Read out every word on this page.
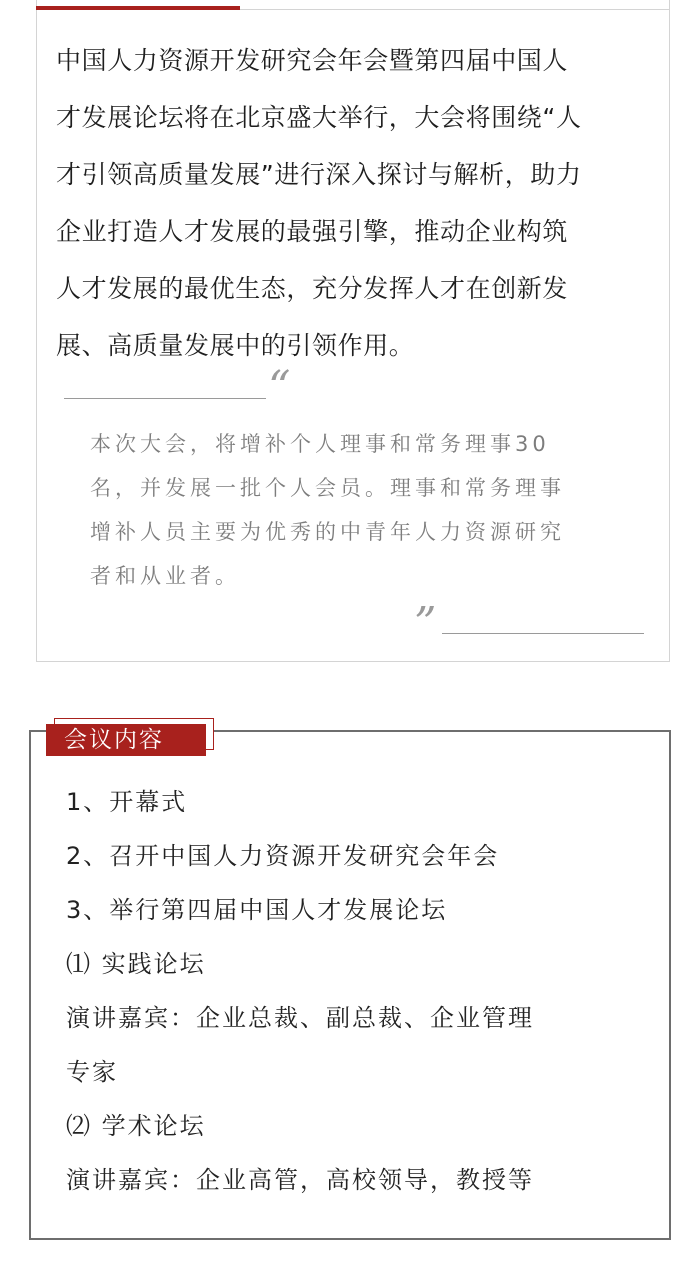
中国人力资源开发研究会年会暨第四届中国人
才发展论坛将在北京盛大举行，大会将围绕“人
才引领高质量发展”进行深入探讨与解析，助力
企业打造人才发展的最强引擎，推动企业构筑
人才发展的最优生态，充分发挥人才在创新发
展、高质量发展中的引领作用。

“

本次大会，将增补个人理事和常务理事30
名，并发展一批个人会员。理事和常务理事
增补人员主要为优秀的中青年人力资源研究
者和从业者。

”
会议内容
1、开幕式
2、召开中国人力资源开发研究会年会
3、举行第四届中国人才发展论坛
⑴ 实践论坛
演讲嘉宾：企业总裁、副总裁、企业管理
专家
⑵ 学术论坛
演讲嘉宾：企业高管，高校领导，教授等
